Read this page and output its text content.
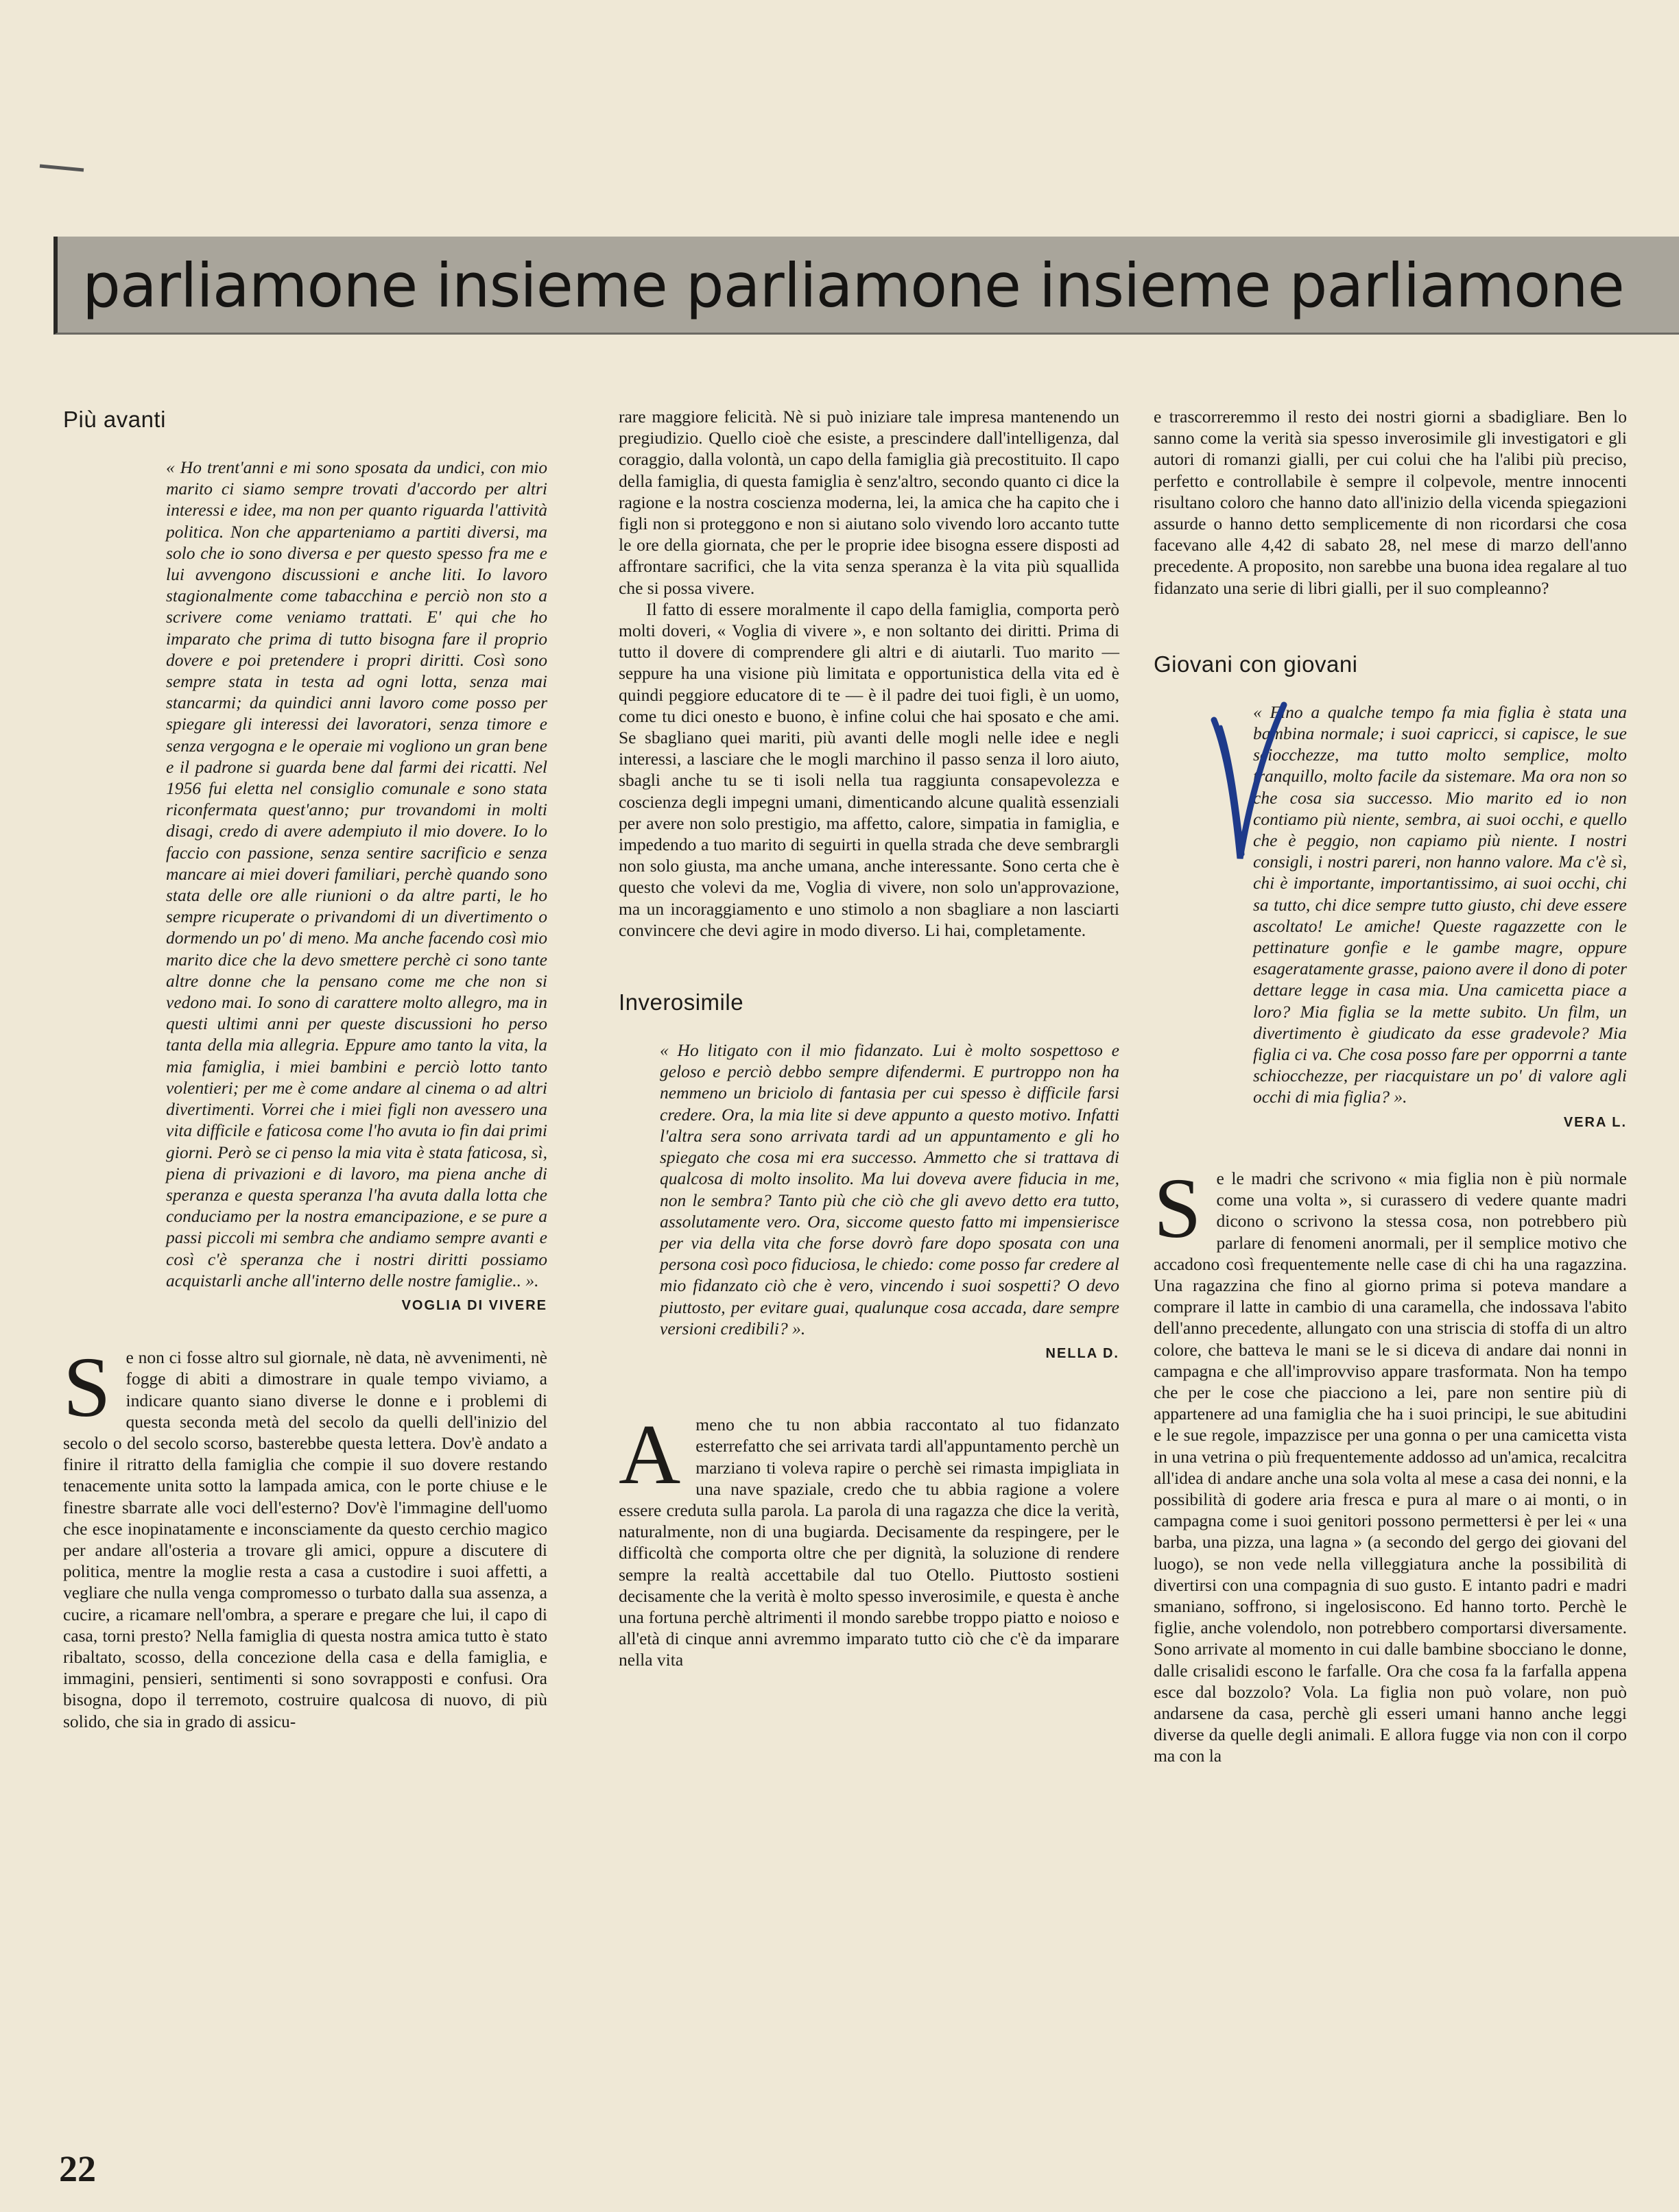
parliamone insieme parliamone insieme parliamone
Più avanti

« Ho trent'anni e mi sono sposata da undici, con mio marito ci siamo sempre trovati d'accordo per altri interessi e idee, ma non per quanto riguarda l'attività politica. Non che apparteniamo a partiti diversi, ma solo che io sono diversa e per questo spesso fra me e lui avvengono discussioni e anche liti. Io lavoro stagionalmente come tabacchina e perciò non sto a scrivere come veniamo trattati. E' qui che ho imparato che prima di tutto bisogna fare il proprio dovere e poi pretendere i propri diritti. Così sono sempre stata in testa ad ogni lotta, senza mai stancarmi; da quindici anni lavoro come posso per spiegare gli interessi dei lavoratori, senza timore e senza vergogna e le operaie mi vogliono un gran bene e il padrone si guarda bene dal farmi dei ricatti. Nel 1956 fui eletta nel consiglio comunale e sono stata riconfermata quest'anno; pur trovandomi in molti disagi, credo di avere adempiuto il mio dovere. Io lo faccio con passione, senza sentire sacrificio e senza mancare ai miei doveri familiari, perchè quando sono stata delle ore alle riunioni o da altre parti, le ho sempre ricuperate o privandomi di un divertimento o dormendo un po' di meno. Ma anche facendo così mio marito dice che la devo smettere perchè ci sono tante altre donne che la pensano come me che non si vedono mai. Io sono di carattere molto allegro, ma in questi ultimi anni per queste discussioni ho perso tanta della mia allegria. Eppure amo tanto la vita, la mia famiglia, i miei bambini e perciò lotto tanto volentieri; per me è come andare al cinema o ad altri divertimenti. Vorrei che i miei figli non avessero una vita difficile e faticosa come l'ho avuta io fin dai primi giorni. Però se ci penso la mia vita è stata faticosa, sì, piena di privazioni e di lavoro, ma piena anche di speranza e questa speranza l'ha avuta dalla lotta che conduciamo per la nostra emancipazione, e se pure a passi piccoli mi sembra che andiamo sempre avanti e così c'è speranza che i nostri diritti possiamo acquistarli anche all'interno delle nostre famiglie.. ».

VOGLIA DI VIVERE

Se non ci fosse altro sul giornale, nè data, nè avvenimenti, nè fogge di abiti a dimostrare in quale tempo viviamo, a indicare quanto siano diverse le donne e i problemi di questa seconda metà del secolo da quelli dell'inizio del secolo o del secolo scorso, basterebbe questa lettera. Dov'è andato a finire il ritratto della famiglia che compie il suo dovere restando tenacemente unita sotto la lampada amica, con le porte chiuse e le finestre sbarrate alle voci dell'esterno? Dov'è l'immagine dell'uomo che esce inopinatamente e inconsciamente da questo cerchio magico per andare all'osteria a trovare gli amici, oppure a discutere di politica, mentre la moglie resta a casa a custodire i suoi affetti, a vegliare che nulla venga compromesso o turbato dalla sua assenza, a cucire, a ricamare nell'ombra, a sperare e pregare che lui, il capo di casa, torni presto? Nella famiglia di questa nostra amica tutto è stato ribaltato, scosso, della concezione della casa e della famiglia, e immagini, pensieri, sentimenti si sono sovrapposti e confusi. Ora bisogna, dopo il terremoto, costruire qualcosa di nuovo, di più solido, che sia in grado di assicu-

rare maggiore felicità. Nè si può iniziare tale impresa mantenendo un pregiudizio. Quello cioè che esiste, a prescindere dall'intelligenza, dal coraggio, dalla volontà, un capo della famiglia già precostituito. Il capo della famiglia, di questa famiglia è senz'altro, secondo quanto ci dice la ragione e la nostra coscienza moderna, lei, la amica che ha capito che i figli non si proteggono e non si aiutano solo vivendo loro accanto tutte le ore della giornata, che per le proprie idee bisogna essere disposti ad affrontare sacrifici, che la vita senza speranza è la vita più squallida che si possa vivere.

Il fatto di essere moralmente il capo della famiglia, comporta però molti doveri, « Voglia di vivere », e non soltanto dei diritti. Prima di tutto il dovere di comprendere gli altri e di aiutarli. Tuo marito — seppure ha una visione più limitata e opportunistica della vita ed è quindi peggiore educatore di te — è il padre dei tuoi figli, è un uomo, come tu dici onesto e buono, è infine colui che hai sposato e che ami. Se sbagliano quei mariti, più avanti delle mogli nelle idee e negli interessi, a lasciare che le mogli marchino il passo senza il loro aiuto, sbagli anche tu se ti isoli nella tua raggiunta consapevolezza e coscienza degli impegni umani, dimenticando alcune qualità essenziali per avere non solo prestigio, ma affetto, calore, simpatia in famiglia, e impedendo a tuo marito di seguirti in quella strada che deve sembrargli non solo giusta, ma anche umana, anche interessante. Sono certa che è questo che volevi da me, Voglia di vivere, non solo un'approvazione, ma un incoraggiamento e uno stimolo a non sbagliare a non lasciarti convincere che devi agire in modo diverso. Li hai, completamente.

Inverosimile

« Ho litigato con il mio fidanzato. Lui è molto sospettoso e geloso e perciò debbo sempre difendermi. E purtroppo non ha nemmeno un briciolo di fantasia per cui spesso è difficile farsi credere. Ora, la mia lite si deve appunto a questo motivo. Infatti l'altra sera sono arrivata tardi ad un appuntamento e gli ho spiegato che cosa mi era successo. Ammetto che si trattava di qualcosa di molto insolito. Ma lui doveva avere fiducia in me, non le sembra? Tanto più che ciò che gli avevo detto era tutto, assolutamente vero. Ora, siccome questo fatto mi impensierisce per via della vita che forse dovrò fare dopo sposata con una persona così poco fiduciosa, le chiedo: come posso far credere al mio fidanzato ciò che è vero, vincendo i suoi sospetti? O devo piuttosto, per evitare guai, qualunque cosa accada, dare sempre versioni credibili? ».

NELLA D.

Ameno che tu non abbia raccontato al tuo fidanzato esterrefatto che sei arrivata tardi all'appuntamento perchè un marziano ti voleva rapire o perchè sei rimasta impigliata in una nave spaziale, credo che tu abbia ragione a volere essere creduta sulla parola. La parola di una ragazza che dice la verità, naturalmente, non di una bugiarda. Decisamente da respingere, per le difficoltà che comporta oltre che per dignità, la soluzione di rendere sempre la realtà accettabile dal tuo Otello. Piuttosto sostieni decisamente che la verità è molto spesso inverosimile, e questa è anche una fortuna perchè altrimenti il mondo sarebbe troppo piatto e noioso e all'età di cinque anni avremmo imparato tutto ciò che c'è da imparare nella vita

e trascorreremmo il resto dei nostri giorni a sbadigliare. Ben lo sanno come la verità sia spesso inverosimile gli investigatori e gli autori di romanzi gialli, per cui colui che ha l'alibi più preciso, perfetto e controllabile è sempre il colpevole, mentre innocenti risultano coloro che hanno dato all'inizio della vicenda spiegazioni assurde o hanno detto semplicemente di non ricordarsi che cosa facevano alle 4,42 di sabato 28, nel mese di marzo dell'anno precedente. A proposito, non sarebbe una buona idea regalare al tuo fidanzato una serie di libri gialli, per il suo compleanno?

Giovani con giovani

« Fino a qualche tempo fa mia figlia è stata una bambina normale; i suoi capricci, si capisce, le sue sciocchezze, ma tutto molto semplice, molto tranquillo, molto facile da sistemare. Ma ora non so che cosa sia successo. Mio marito ed io non contiamo più niente, sembra, ai suoi occhi, e quello che è peggio, non capiamo più niente. I nostri consigli, i nostri pareri, non hanno valore. Ma c'è sì, chi è importante, importantissimo, ai suoi occhi, chi sa tutto, chi dice sempre tutto giusto, chi deve essere ascoltato! Le amiche! Queste ragazzette con le pettinature gonfie e le gambe magre, oppure esageratamente grasse, paiono avere il dono di poter dettare legge in casa mia. Una camicetta piace a loro? Mia figlia se la mette subito. Un film, un divertimento è giudicato da esse gradevole? Mia figlia ci va. Che cosa posso fare per opporrni a tante schiocchezze, per riacquistare un po' di valore agli occhi di mia figlia? ».

VERA L.

Se le madri che scrivono « mia figlia non è più normale come una volta », si curassero di vedere quante madri dicono o scrivono la stessa cosa, non potrebbero più parlare di fenomeni anormali, per il semplice motivo che accadono così frequentemente nelle case di chi ha una ragazzina. Una ragazzina che fino al giorno prima si poteva mandare a comprare il latte in cambio di una caramella, che indossava l'abito dell'anno precedente, allungato con una striscia di stoffa di un altro colore, che batteva le mani se le si diceva di andare dai nonni in campagna e che all'improvviso appare trasformata. Non ha tempo che per le cose che piacciono a lei, pare non sentire più di appartenere ad una famiglia che ha i suoi principi, le sue abitudini e le sue regole, impazzisce per una gonna o per una camicetta vista in una vetrina o più frequentemente addosso ad un'amica, recalcitra all'idea di andare anche una sola volta al mese a casa dei nonni, e la possibilità di godere aria fresca e pura al mare o ai monti, o in campagna come i suoi genitori possono permettersi è per lei « una barba, una pizza, una lagna » (a secondo del gergo dei giovani del luogo), se non vede nella villeggiatura anche la possibilità di divertirsi con una compagnia di suo gusto. E intanto padri e madri smaniano, soffrono, si ingelosiscono. Ed hanno torto. Perchè le figlie, anche volendolo, non potrebbero comportarsi diversamente. Sono arrivate al momento in cui dalle bambine sbocciano le donne, dalle crisalidi escono le farfalle. Ora che cosa fa la farfalla appena esce dal bozzolo? Vola. La figlia non può volare, non può andarsene da casa, perchè gli esseri umani hanno anche leggi diverse da quelle degli animali. E allora fugge via non con il corpo ma con la

22
